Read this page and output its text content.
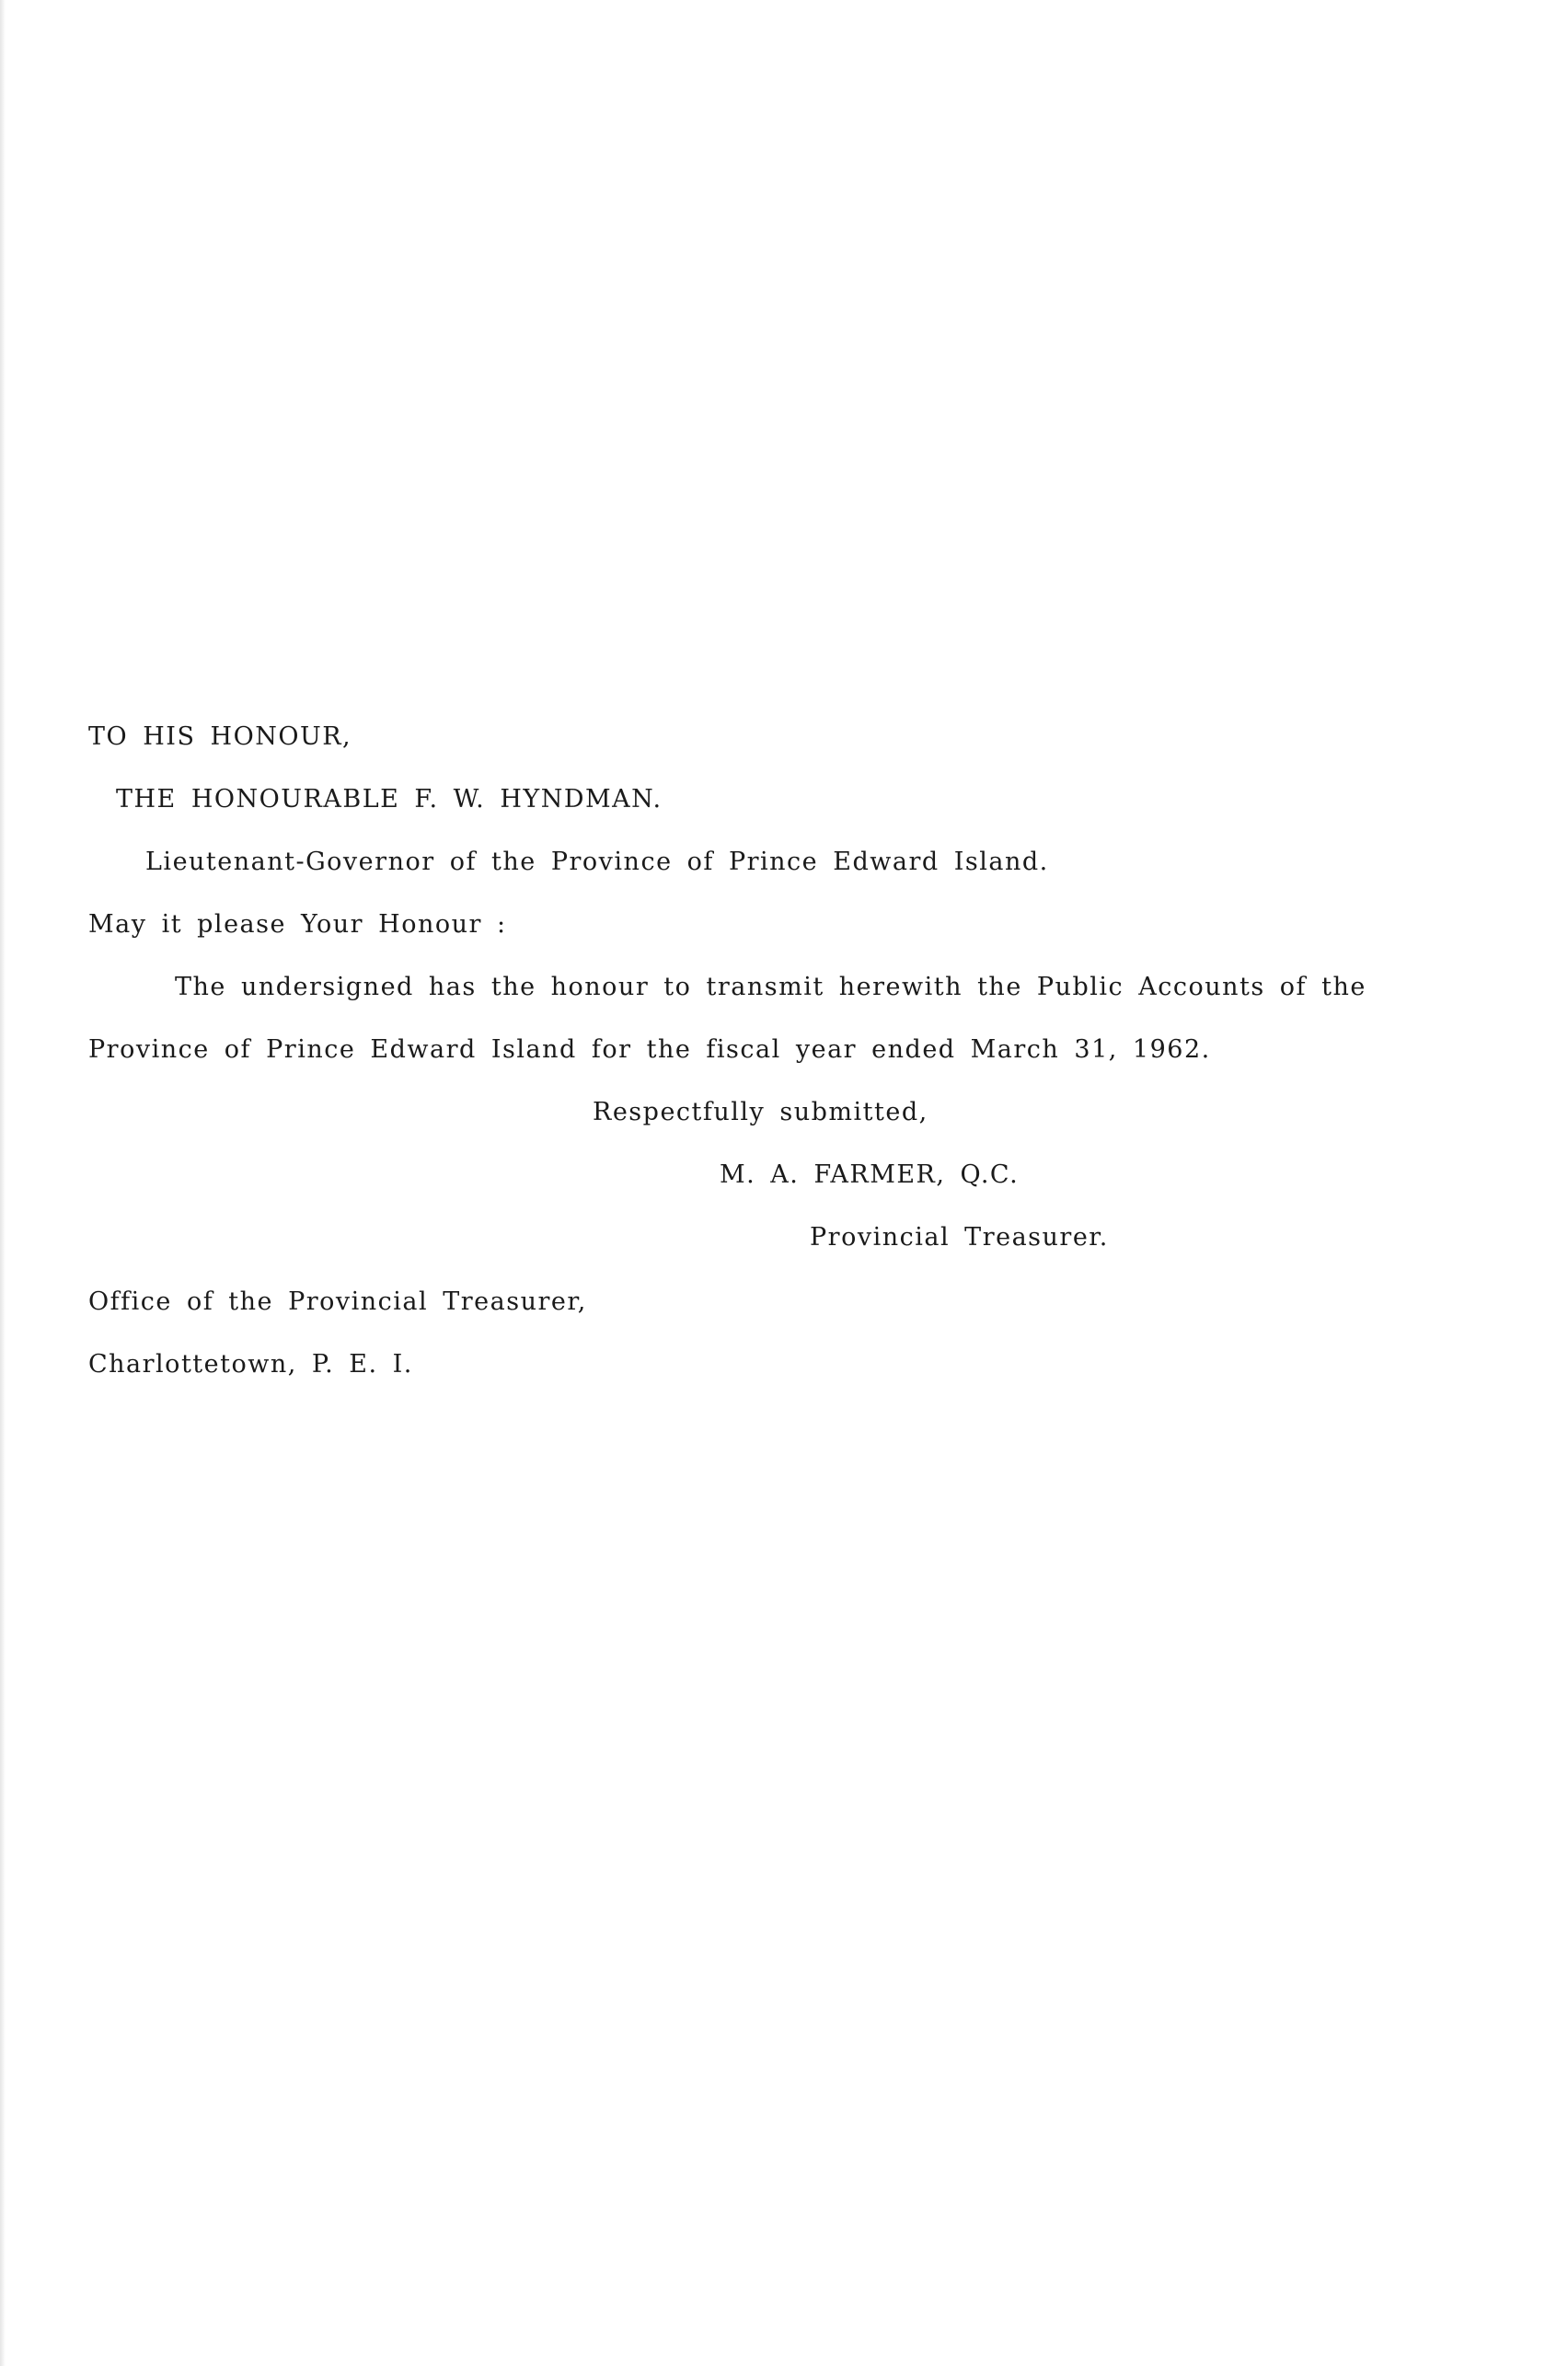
TO HIS HONOUR,
THE HONOURABLE F. W. HYNDMAN.
Lieutenant-Governor of the Province of Prince Edward Island.
May it please Your Honour :
The undersigned has the honour to transmit herewith the Public Accounts of the
Province of Prince Edward Island for the fiscal year ended March 31, 1962.
Respectfully submitted,
M. A. FARMER, Q.C.
Provincial Treasurer.
Office of the Provincial Treasurer,
Charlottetown, P. E. I.
